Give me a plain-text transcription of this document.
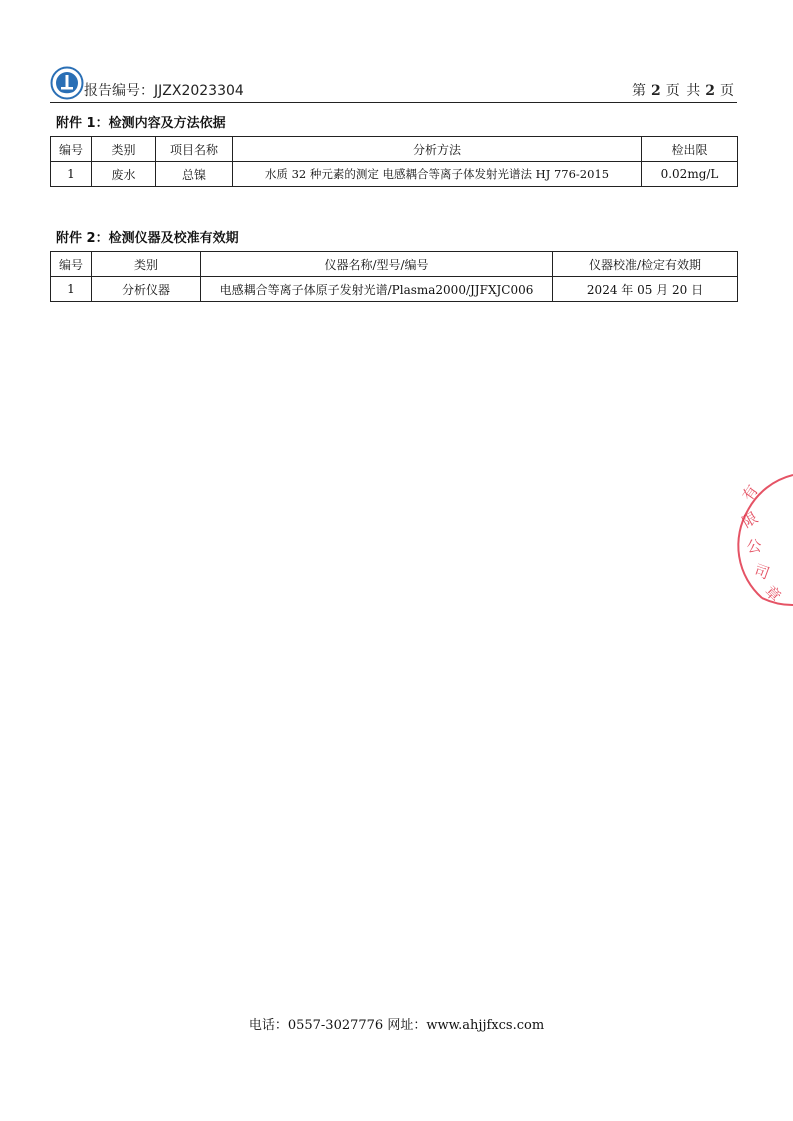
报告编号：JJZX2023304	第 2 页 共 2 页
附件 1：检测内容及方法依据
编号	类别	项目名称	分析方法	检出限
1	废水	总镍	水质 32 种元素的测定 电感耦合等离子体发射光谱法 HJ 776-2015	0.02mg/L
附件 2：检测仪器及校准有效期
编号	类别	仪器名称/型号/编号	仪器校准/检定有效期
1	分析仪器	电感耦合等离子体原子发射光谱/Plasma2000/JJFXJC006	2024 年 05 月 20 日
有
限
公
司
章
电话：0557-3027776 网址：www.ahjjfxcs.com
